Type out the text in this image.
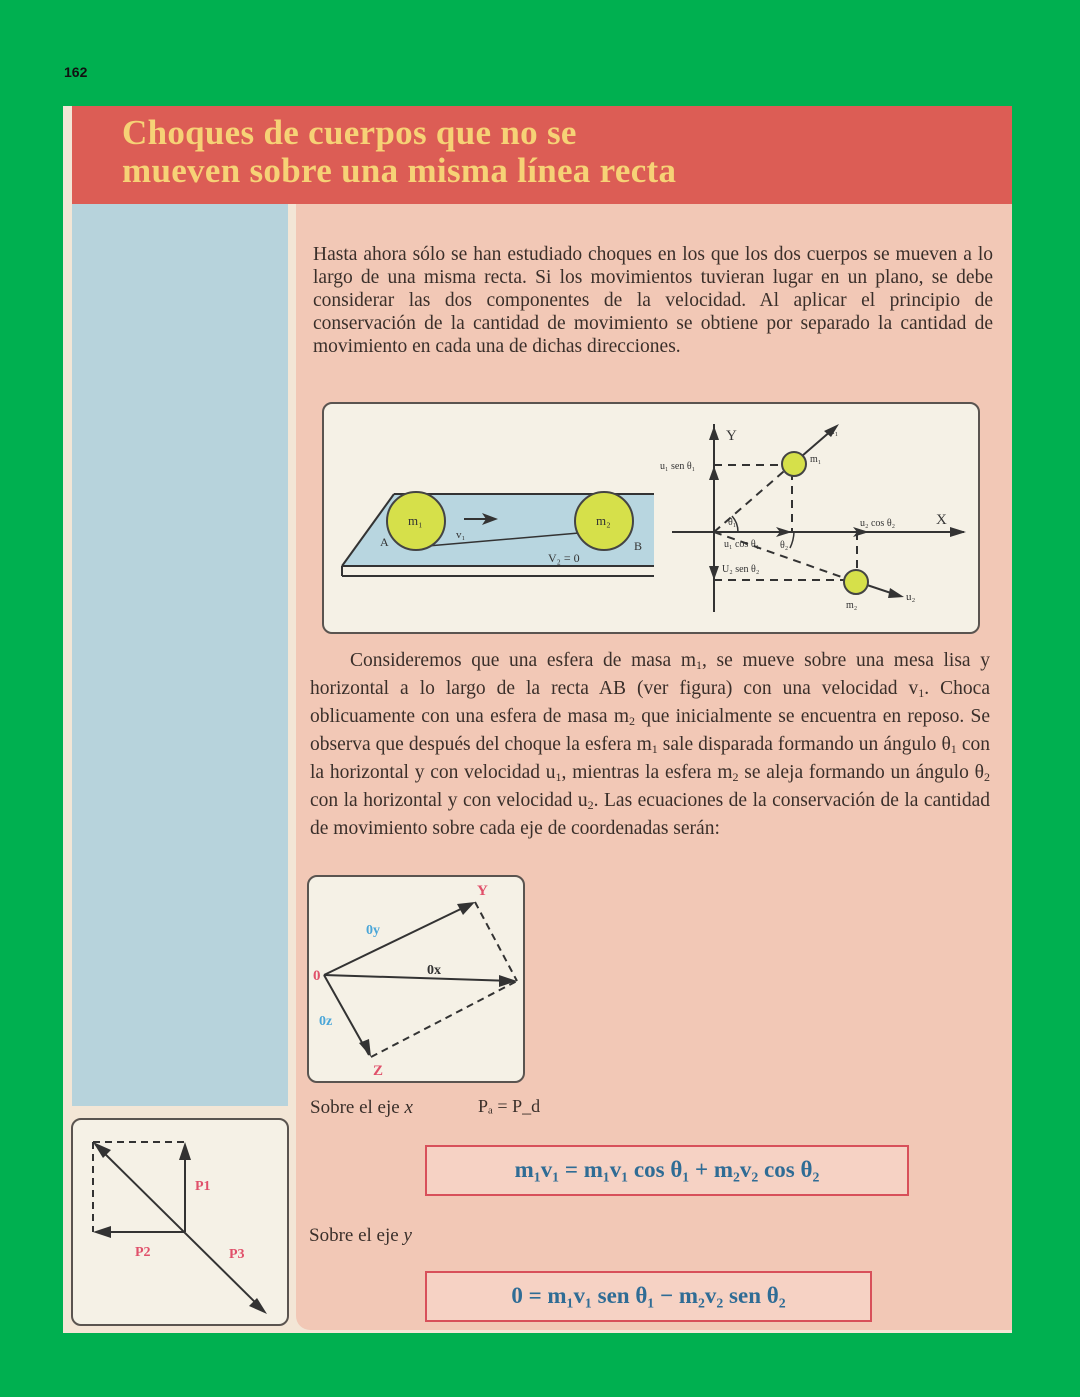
162
Choques de cuerpos que no se
mueven sobre una misma línea recta

Hasta ahora sólo se han estudiado choques en los que los dos cuerpos se mueven a lo largo de una misma recta. Si los movimientos tuvieran lugar en un plano, se debe considerar las dos componentes de la velocidad. Al aplicar el principio de conservación de la cantidad de movimiento se obtiene por separado la cantidad de movimiento en cada una de dichas direcciones.

m₁	m₂
v₁
V₂ = 0
A	B
Y
X
u₁
u₂
m₁
m₂
u₁ sen θ₁
u₁ cos θ₁
u₂ cos θ₂
U₂ sen θ₂
θ₁
θ₂

Consideremos que una esfera de masa $m_1$, se mueve sobre una mesa lisa y horizontal a lo largo de la recta AB (ver figura) con una velocidad $v_1$. Choca oblicuamente con una esfera de masa $m_2$ que inicialmente se encuentra en reposo. Se observa que después del choque la esfera $m_1$ sale disparada formando un ángulo $\theta_1$ con la horizontal y con velocidad $u_1$, mientras la esfera $m_2$ se aleja formando un ángulo $\theta_2$ con la horizontal y con velocidad $u_2$. Las ecuaciones de la conservación de la cantidad de movimiento sobre cada eje de coordenadas serán:

0
Y
Z
0y
0x
0z
Sobre el eje x	Pₐ = P_d
m₁v₁ = m₁v₁ cos θ₁ + m₂v₂ cos θ₂
Sobre el eje y
0 = m₁v₁ sen θ₁ − m₂v₂ sen θ₂
P1
P2	P3
